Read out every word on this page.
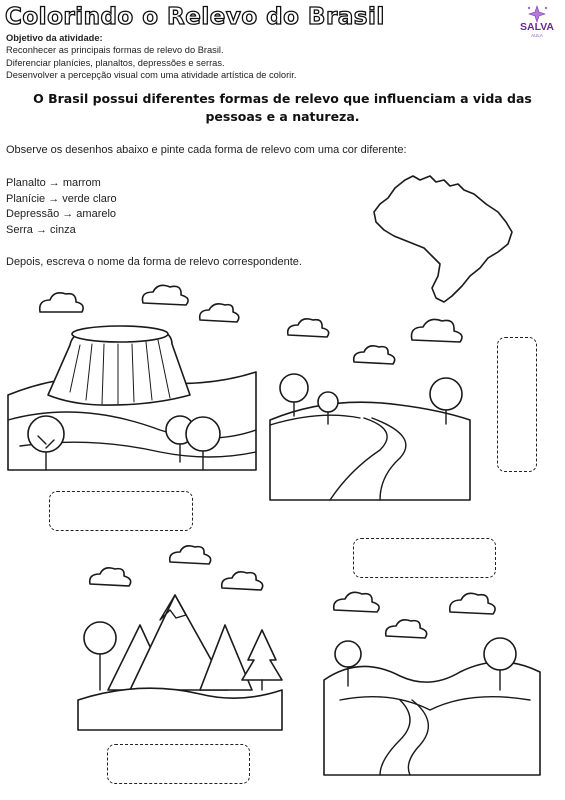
Colorindo o Relevo do Brasil	SALVA
AULA
Objetivo da atividade:
Reconhecer as principais formas de relevo do Brasil.
Diferenciar planícies, planaltos, depressões e serras.
Desenvolver a percepção visual com uma atividade artística de colorir.
O Brasil possui diferentes formas de relevo que influenciam a vida das pessoas e a natureza.
Observe os desenhos abaixo e pinte cada forma de relevo com uma cor diferente:
Planalto → marrom
Planície → verde claro
Depressão → amarelo
Serra → cinza
Depois, escreva o nome da forma de relevo correspondente.
